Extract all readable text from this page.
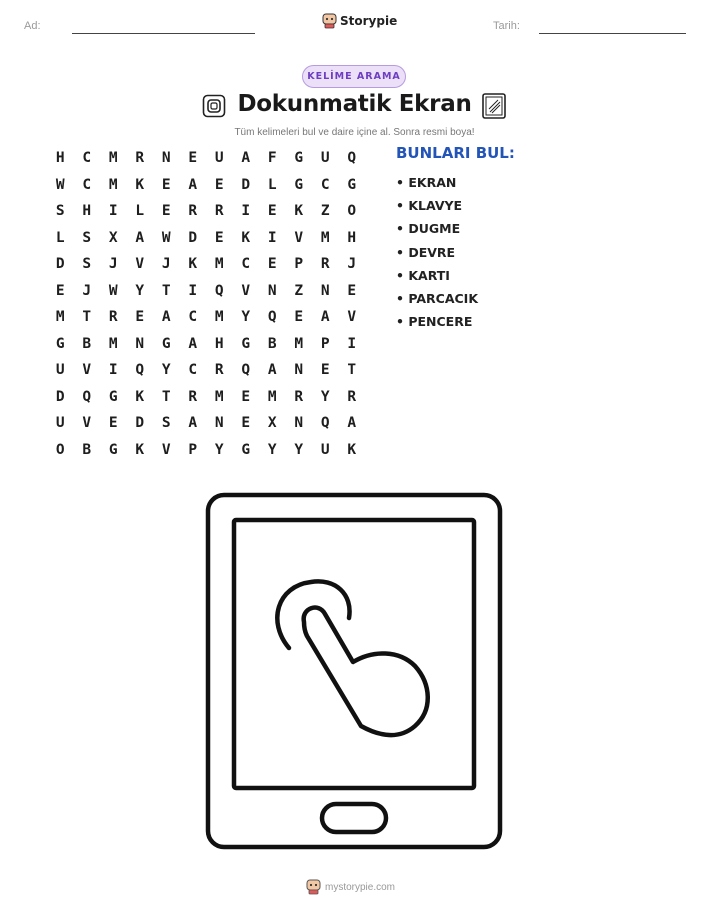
Ad:	Storypie	Tarih:
KELİME ARAMA
Dokunmatik Ekran
Tüm kelimeleri bul ve daire içine al. Sonra resmi boya!
H	C	M	R	N	E	U	A	F	G	U	Q
W	C	M	K	E	A	E	D	L	G	C	G
S	H	I	L	E	R	R	I	E	K	Z	O
L	S	X	A	W	D	E	K	I	V	M	H
D	S	J	V	J	K	M	C	E	P	R	J
E	J	W	Y	T	I	Q	V	N	Z	N	E
M	T	R	E	A	C	M	Y	Q	E	A	V
G	B	M	N	G	A	H	G	B	M	P	I
U	V	I	Q	Y	C	R	Q	A	N	E	T
D	Q	G	K	T	R	M	E	M	R	Y	R
U	V	E	D	S	A	N	E	X	N	Q	A
O	B	G	K	V	P	Y	G	Y	Y	U	K
BUNLARI BUL:
• EKRAN
• KLAVYE
• DUGME
• DEVRE
• KARTI
• PARCACIK
• PENCERE
mystorypie.com
